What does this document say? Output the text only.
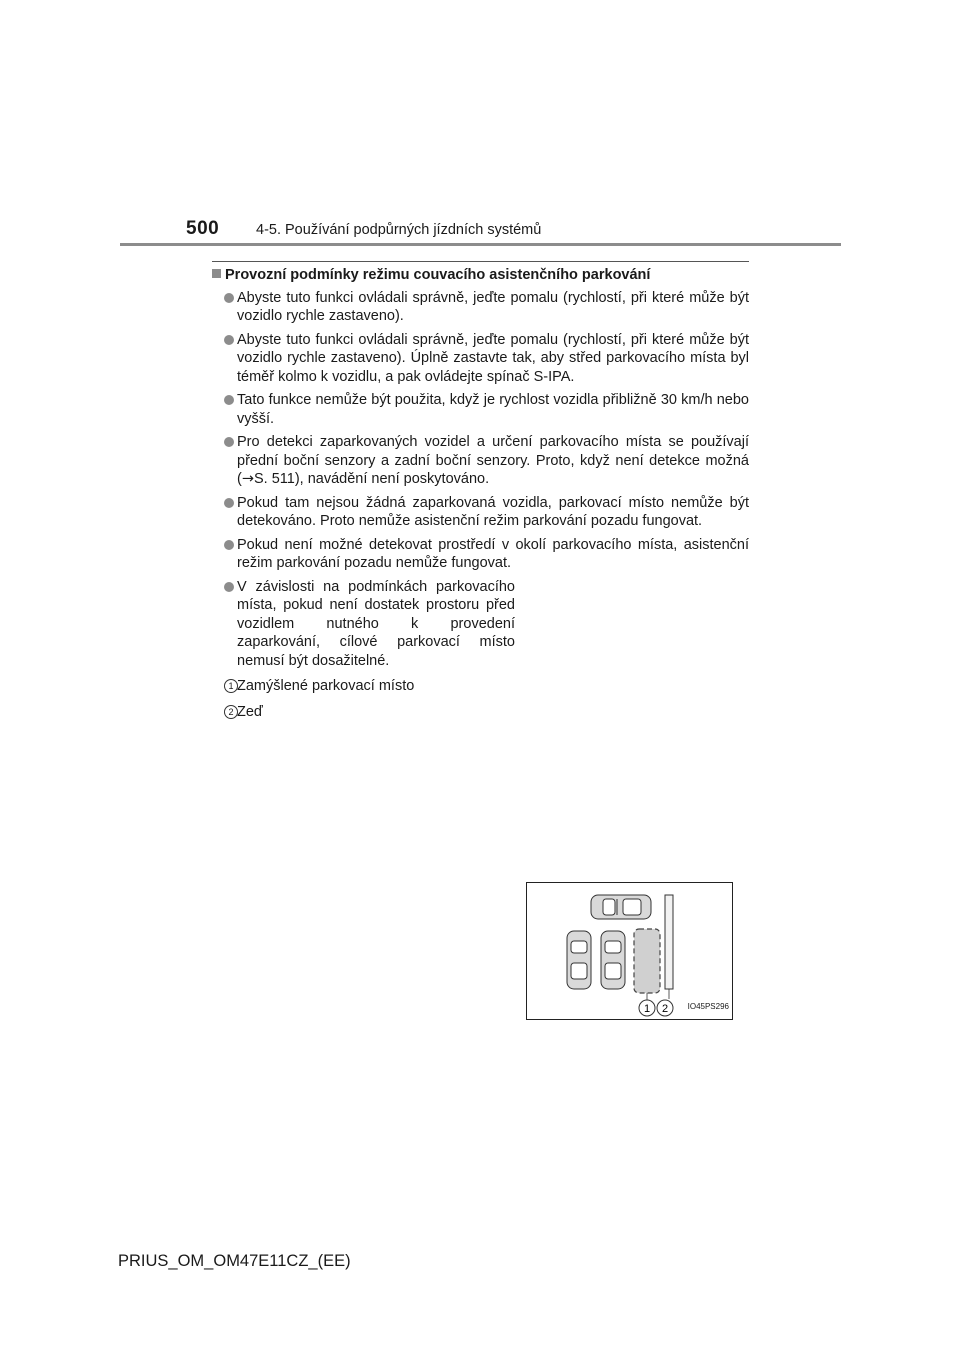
500	4-5. Používání podpůrných jízdních systémů
Provozní podmínky režimu couvacího asistenčního parkování
Abyste tuto funkci ovládali správně, jeďte pomalu (rychlostí, při které může být vozidlo rychle zastaveno).
Abyste tuto funkci ovládali správně, jeďte pomalu (rychlostí, při které může být vozidlo rychle zastaveno). Úplně zastavte tak, aby střed parkovacího místa byl téměř kolmo k vozidlu, a pak ovládejte spínač S-IPA.
Tato funkce nemůže být použita, když je rychlost vozidla přibližně 30 km/h nebo vyšší.
Pro detekci zaparkovaných vozidel a určení parkovacího místa se používají přední boční senzory a zadní boční senzory. Proto, když není detekce možná (→S. 511), navádění není poskytováno.
Pokud tam nejsou žádná zaparkovaná vozidla, parkovací místo nemůže být detekováno. Proto nemůže asistenční režim parkování pozadu fungovat.
Pokud není možné detekovat prostředí v okolí parkovacího místa, asistenční režim parkování pozadu nemůže fungovat.
V závislosti na podmínkách parkovacího místa, pokud není dostatek prostoru před vozidlem nutného k provedení zaparkování, cílové parkovací místo nemusí být dosažitelné.
1 Zamýšlené parkovací místo
2 Zeď
1 2 IO45PS296
PRIUS_OM_OM47E11CZ_(EE)
